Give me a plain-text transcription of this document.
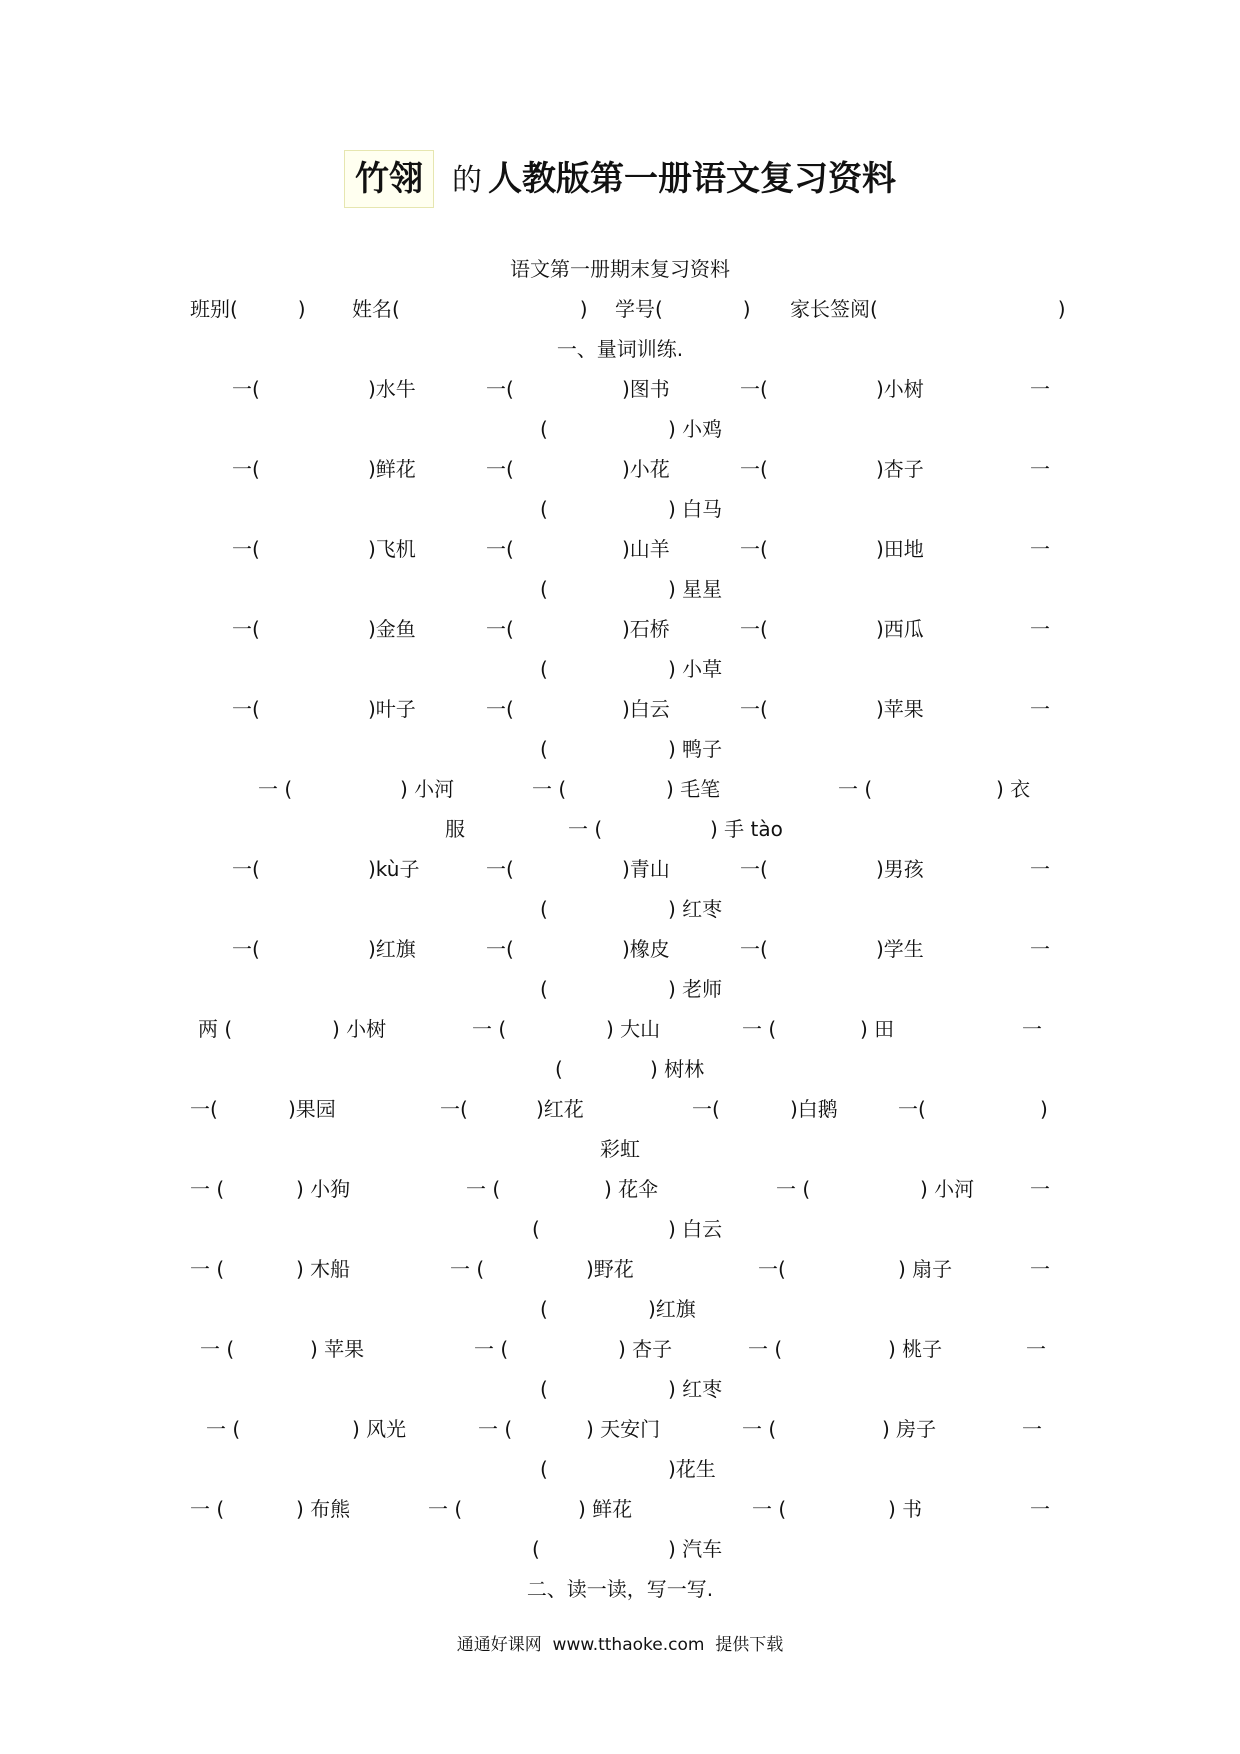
竹翎 的 人教版第一册语文复习资料
语文第一册期末复习资料

班别(　　　)

姓名(　　　　　　　　　)

学号(　　　　)

家长签阅(　　　　　　　　　)

一、量词训练.
一(	)水牛	一(	)图书	一(	)小树	一
(	) 小鸡
一(	)鲜花	一(	)小花	一(	)杏子	一
(	) 白马
一(	)飞机	一(	)山羊	一(	)田地	一
(	) 星星
一(	)金鱼	一(	)石桥	一(	)西瓜	一
(	) 小草
一(	)叶子	一(	)白云	一(	)苹果	一
(	) 鸭子
一 (	) 小河	一 (	) 毛笔	一 (	) 衣
服	一 (	) 手 tào
一(	)kù子	一(	)青山	一(	)男孩	一
(	) 红枣
一(	)红旗	一(	)橡皮	一(	)学生	一
(	) 老师
两 (	) 小树	一 (	) 大山	一 (	) 田	一
(	) 树林
一(	)果园	一(	)红花	一(	)白鹅	一(	)
彩虹
一 (	) 小狗	一 (	) 花伞	一 (	) 小河	一
(	) 白云
一 (	) 木船	一 (	)野花	一(	) 扇子	一
(	)红旗
一 (	) 苹果	一 (	) 杏子	一 (	) 桃子	一
(	) 红枣
一 (	) 风光	一 (	) 天安门	一 (	) 房子	一
(	)花生
一 (	) 布熊	一 (	) 鲜花	一 (	) 书	一
(	) 汽车
二、读一读，写一写.
通通好课网  www.tthaoke.com  提供下载
